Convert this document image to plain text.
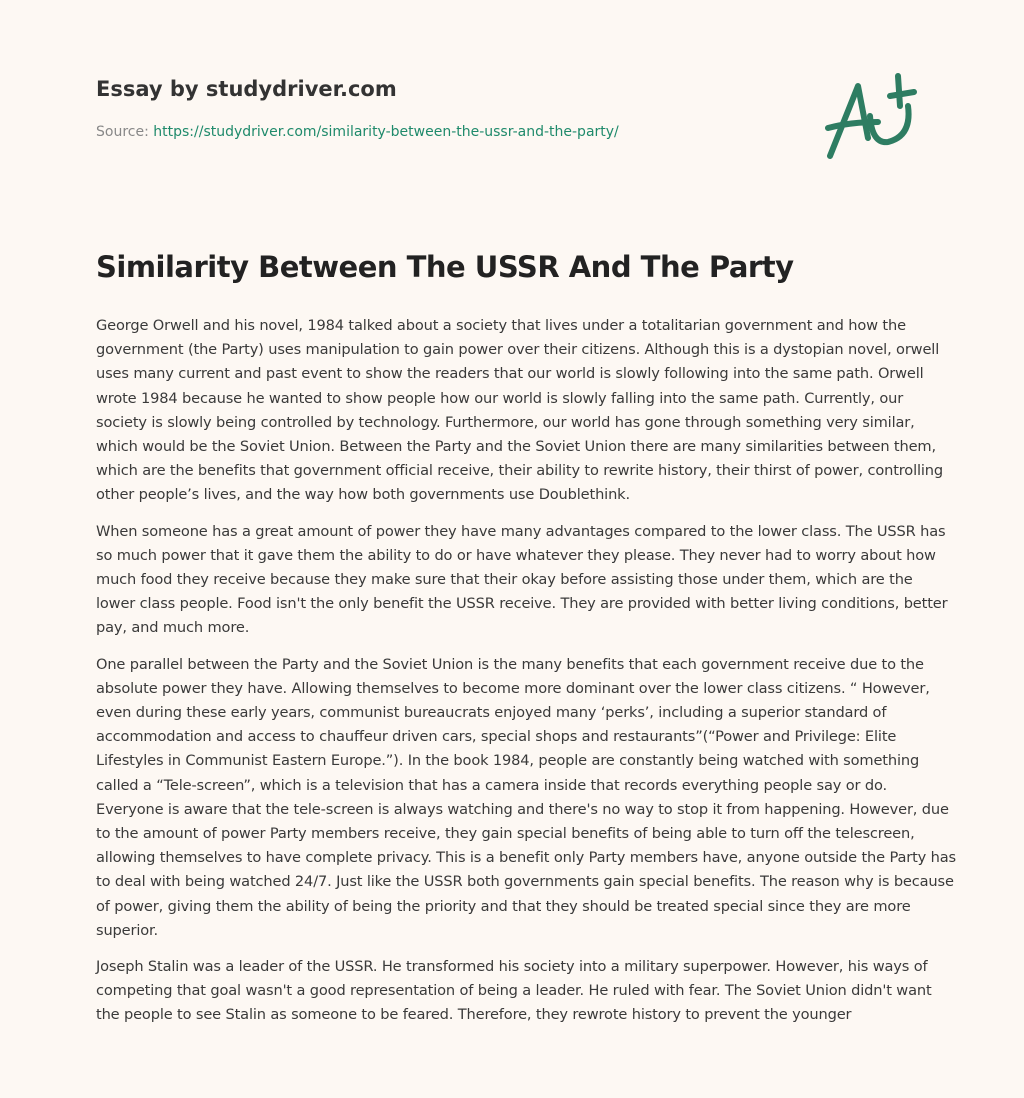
Essay by studydriver.com
Source: https://studydriver.com/similarity-between-the-ussr-and-the-party/
Similarity Between The USSR And The Party

George Orwell and his novel, 1984 talked about a society that lives under a totalitarian government and how the government (the Party) uses manipulation to gain power over their citizens. Although this is a dystopian novel, orwell uses many current and past event to show the readers that our world is slowly following into the same path. Orwell wrote 1984 because he wanted to show people how our world is slowly falling into the same path. Currently, our society is slowly being controlled by technology. Furthermore, our world has gone through something very similar, which would be the Soviet Union. Between the Party and the Soviet Union there are many similarities between them, which are the benefits that government official receive, their ability to rewrite history, their thirst of power, controlling other people’s lives, and the way how both governments use Doublethink.

When someone has a great amount of power they have many advantages compared to the lower class. The USSR has so much power that it gave them the ability to do or have whatever they please. They never had to worry about how much food they receive because they make sure that their okay before assisting those under them, which are the lower class people. Food isn't the only benefit the USSR receive. They are provided with better living conditions, better pay, and much more.

One parallel between the Party and the Soviet Union is the many benefits that each government receive due to the absolute power they have. Allowing themselves to become more dominant over the lower class citizens. “ However, even during these early years, communist bureaucrats enjoyed many ‘perks’, including a superior standard of accommodation and access to chauffeur driven cars, special shops and restaurants”(“Power and Privilege: Elite Lifestyles in Communist Eastern Europe.”). In the book 1984, people are constantly being watched with something called a “Tele-screen”, which is a television that has a camera inside that records everything people say or do. Everyone is aware that the tele-screen is always watching and there's no way to stop it from happening. However, due to the amount of power Party members receive, they gain special benefits of being able to turn off the telescreen, allowing themselves to have complete privacy. This is a benefit only Party members have, anyone outside the Party has to deal with being watched 24/7. Just like the USSR both governments gain special benefits. The reason why is because of power, giving them the ability of being the priority and that they should be treated special since they are more superior.

Joseph Stalin was a leader of the USSR. He transformed his society into a military superpower. However, his ways of competing that goal wasn't a good representation of being a leader. He ruled with fear. The Soviet Union didn't want the people to see Stalin as someone to be feared. Therefore, they rewrote history to prevent the younger
